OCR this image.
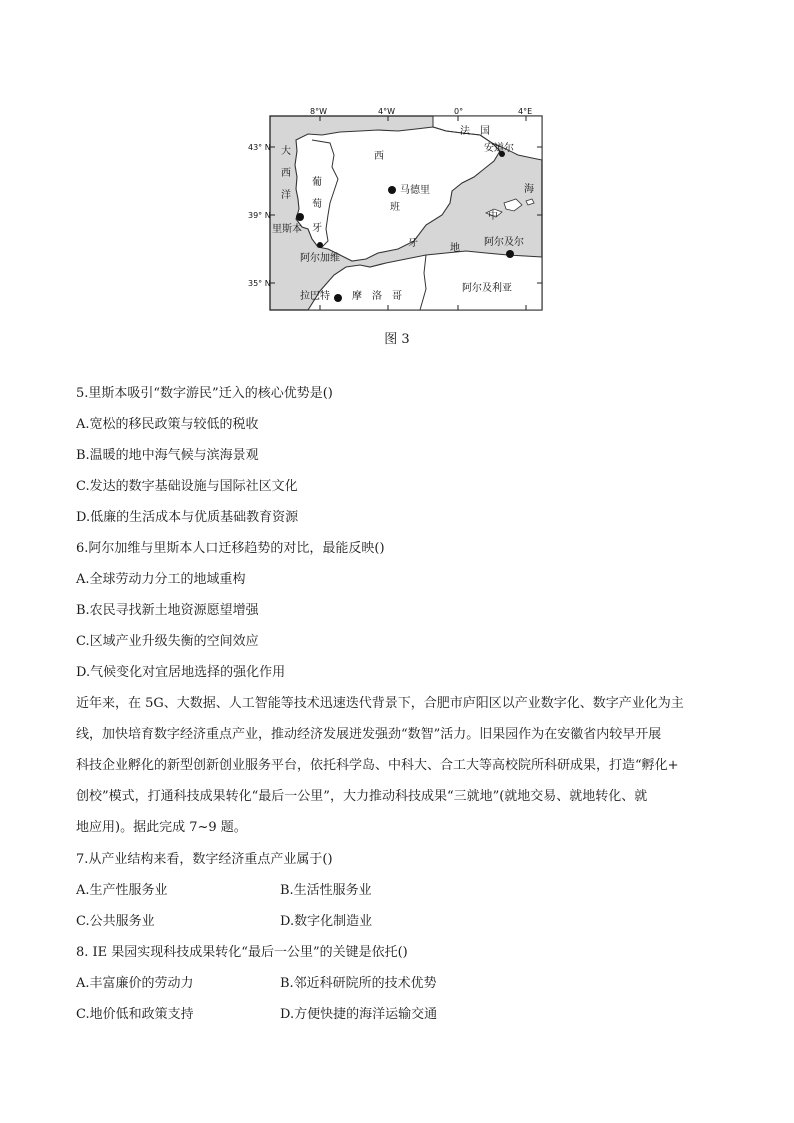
8°W	4°W	0°	4°E
43° N
39° N
35° N
法　国
安道尔
大
西
洋
西
班
牙
葡
萄
牙
马德里
里斯本
阿尔加维
海
中
地
阿尔及尔
拉巴特 摩　洛　哥
阿尔及利亚
图 3
5.里斯本吸引“数字游民”迁入的核心优势是()
A.宽松的移民政策与较低的税收
B.温暖的地中海气候与滨海景观
C.发达的数字基础设施与国际社区文化
D.低廉的生活成本与优质基础教育资源
6.阿尔加维与里斯本人口迁移趋势的对比，最能反映()
A.全球劳动力分工的地域重构
B.农民寻找新土地资源愿望增强
C.区域产业升级失衡的空间效应
D.气候变化对宜居地选择的强化作用
近年来，在 5G、大数据、人工智能等技术迅速迭代背景下，合肥市庐阳区以产业数字化、数字产业化为主
线，加快培育数字经济重点产业，推动经济发展迸发强劲“数智”活力。旧果园作为在安徽省内较早开展
科技企业孵化的新型创新创业服务平台，依托科学岛、中科大、合工大等高校院所科研成果，打造“孵化+
创校”模式，打通科技成果转化“最后一公里”，大力推动科技成果“三就地”(就地交易、就地转化、就
地应用)。据此完成 7~9 题。
7.从产业结构来看，数字经济重点产业属于()
A.生产性服务业	B.生活性服务业
C.公共服务业	D.数字化制造业
8. IE 果园实现科技成果转化“最后一公里”的关键是依托()
A.丰富廉价的劳动力	B.邻近科研院所的技术优势
C.地价低和政策支持	D.方便快捷的海洋运输交通
